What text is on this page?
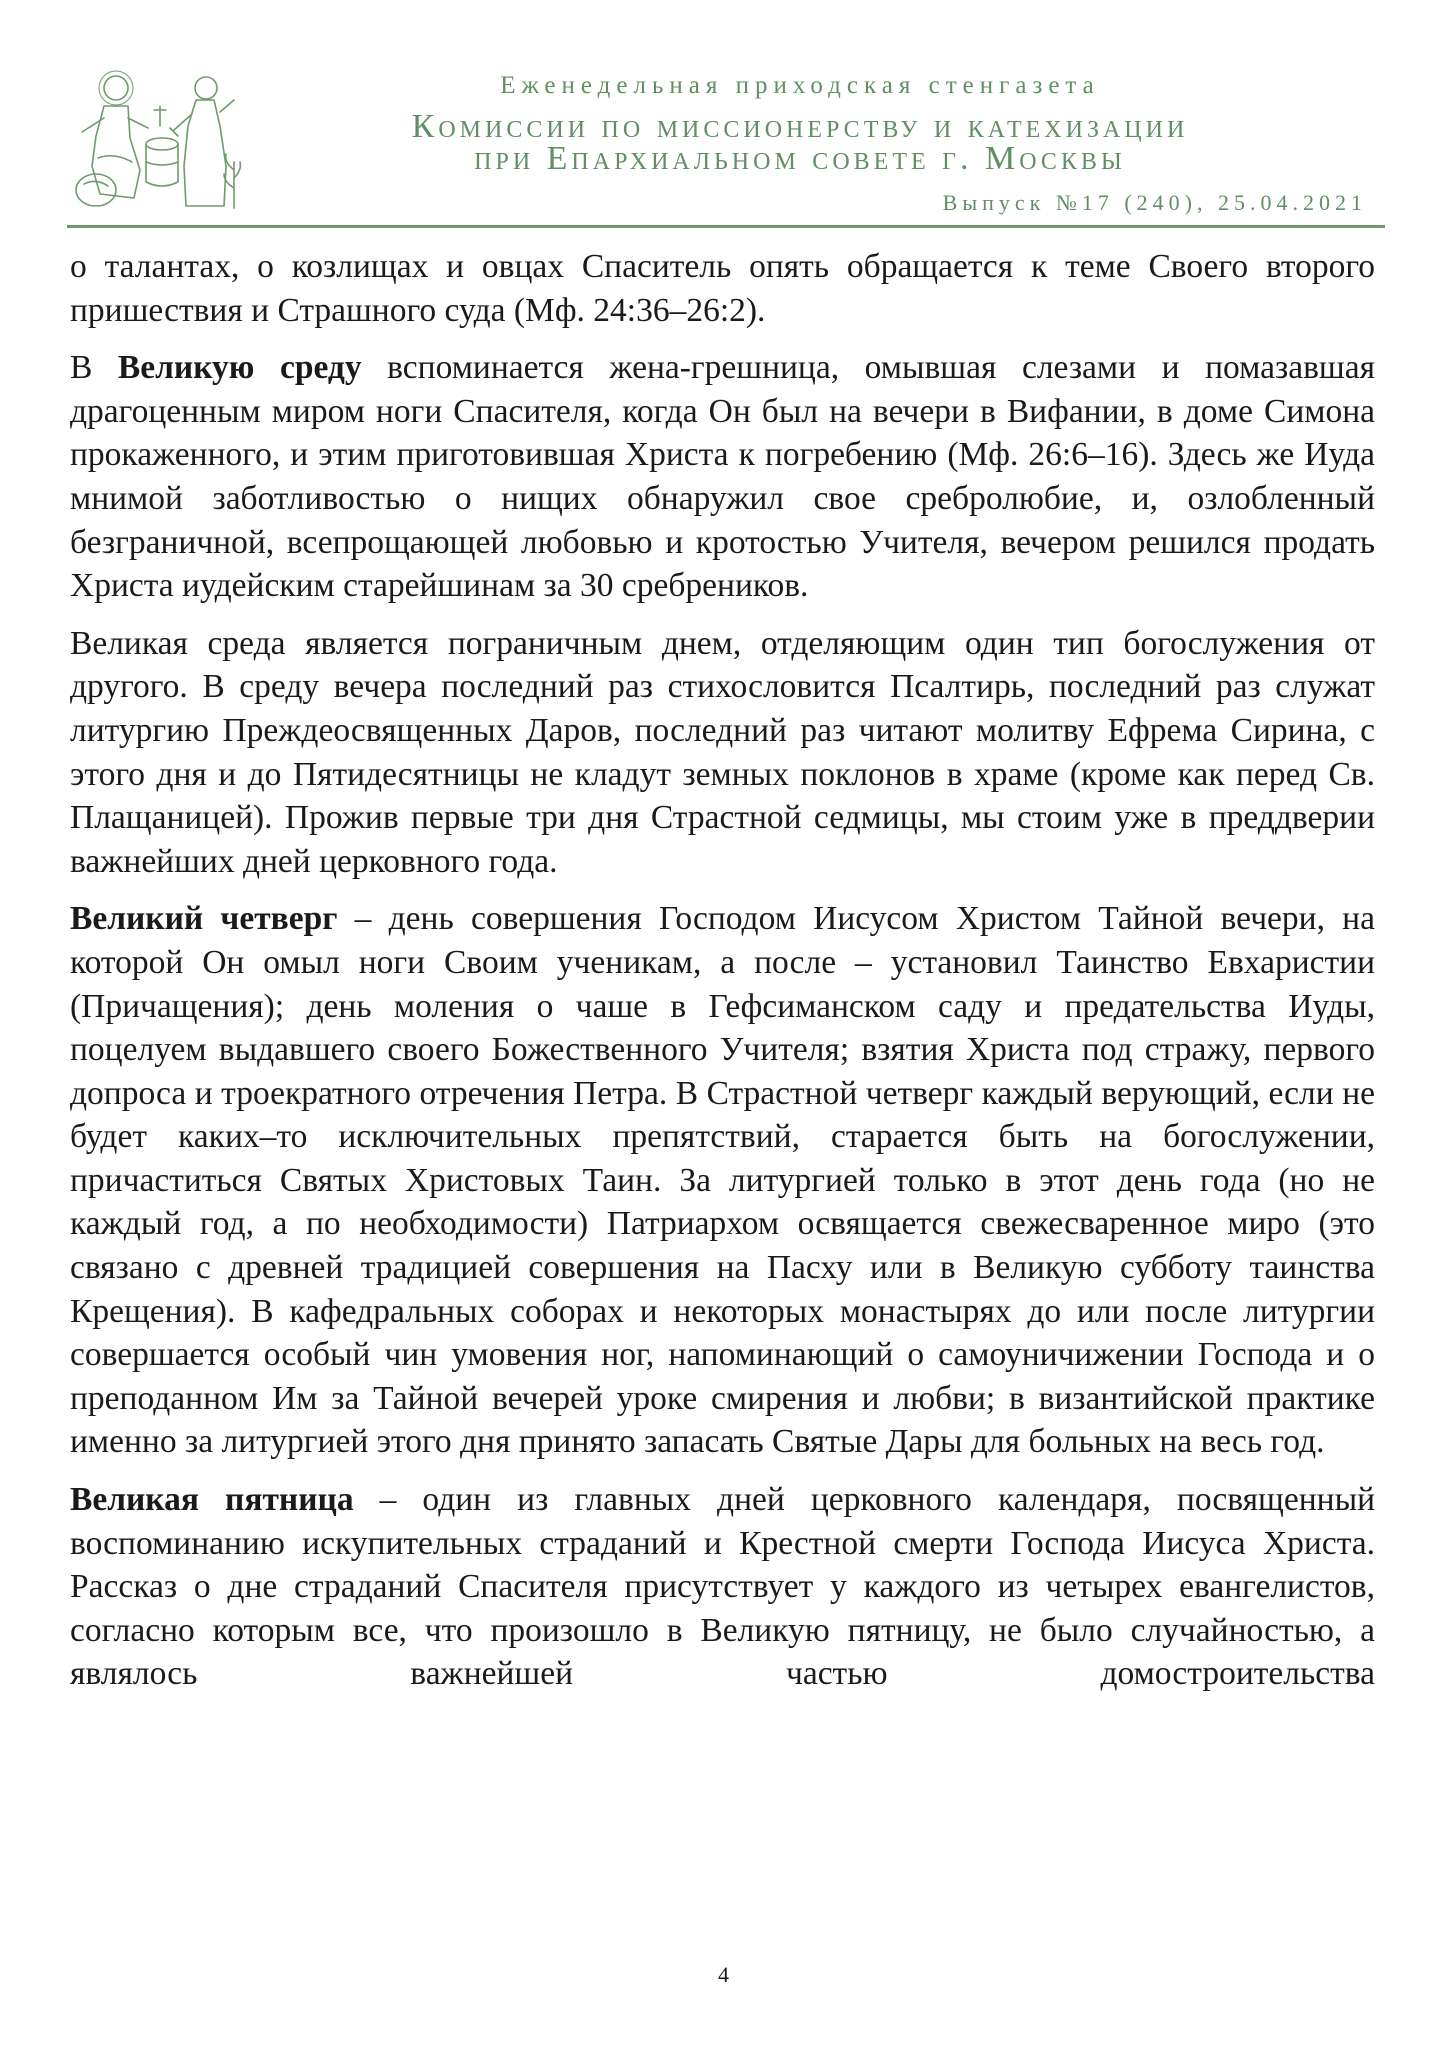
Еженедельная приходская стенгазета
Комиссии по миссионерству и катехизации
при Епархиальном совете г. Москвы
Выпуск №17 (240), 25.04.2021

о талантах, о козлищах и овцах Спаситель опять обращается к теме Своего второго пришествия и Страшного суда (Мф. 24:36–26:2).

В Великую среду вспоминается жена-грешница, омывшая слезами и помазавшая драгоценным миром ноги Спасителя, когда Он был на вечери в Вифании, в доме Симона прокаженного, и этим приготовившая Христа к погребению (Мф. 26:6–16). Здесь же Иуда мнимой заботливостью о нищих обнаружил свое сребролюбие, и, озлобленный безграничной, всепрощающей любовью и кротостью Учителя, вечером решился продать Христа иудейским старейшинам за 30 сребреников.

Великая среда является пограничным днем, отделяющим один тип богослужения от другого. В среду вечера последний раз стихословится Псалтирь, последний раз служат литургию Преждеосвященных Даров, последний раз читают молитву Ефрема Сирина, с этого дня и до Пятидесятницы не кладут земных поклонов в храме (кроме как перед Св. Плащаницей). Прожив первые три дня Страстной седмицы, мы стоим уже в преддверии важнейших дней церковного года.

Великий четверг – день совершения Господом Иисусом Христом Тайной вечери, на которой Он омыл ноги Своим ученикам, а после – установил Таинство Евхаристии (Причащения); день моления о чаше в Гефсиманском саду и предательства Иуды, поцелуем выдавшего своего Божественного Учителя; взятия Христа под стражу, первого допроса и троекратного отречения Петра. В Страстной четверг каждый верующий, если не будет каких–то исключительных препятствий, старается быть на богослужении, причаститься Святых Христовых Таин. За литургией только в этот день года (но не каждый год, а по необходимости) Патриархом освящается свежесваренное миро (это связано с древней традицией совершения на Пасху или в Великую субботу таинства Крещения). В кафедральных соборах и некоторых монастырях до или после литургии совершается особый чин умовения ног, напоминающий о самоуничижении Господа и о преподанном Им за Тайной вечерей уроке смирения и любви; в византийской практике именно за литургией этого дня принято запасать Святые Дары для больных на весь год.

Великая пятница – один из главных дней церковного календаря, посвященный воспоминанию искупительных страданий и Крестной смерти Господа Иисуса Христа. Рассказ о дне страданий Спасителя присутствует у каждого из четырех евангелистов, согласно которым все, что произошло в Великую пятницу, не было случайностью, а являлось важнейшей частью домостроительства

4
